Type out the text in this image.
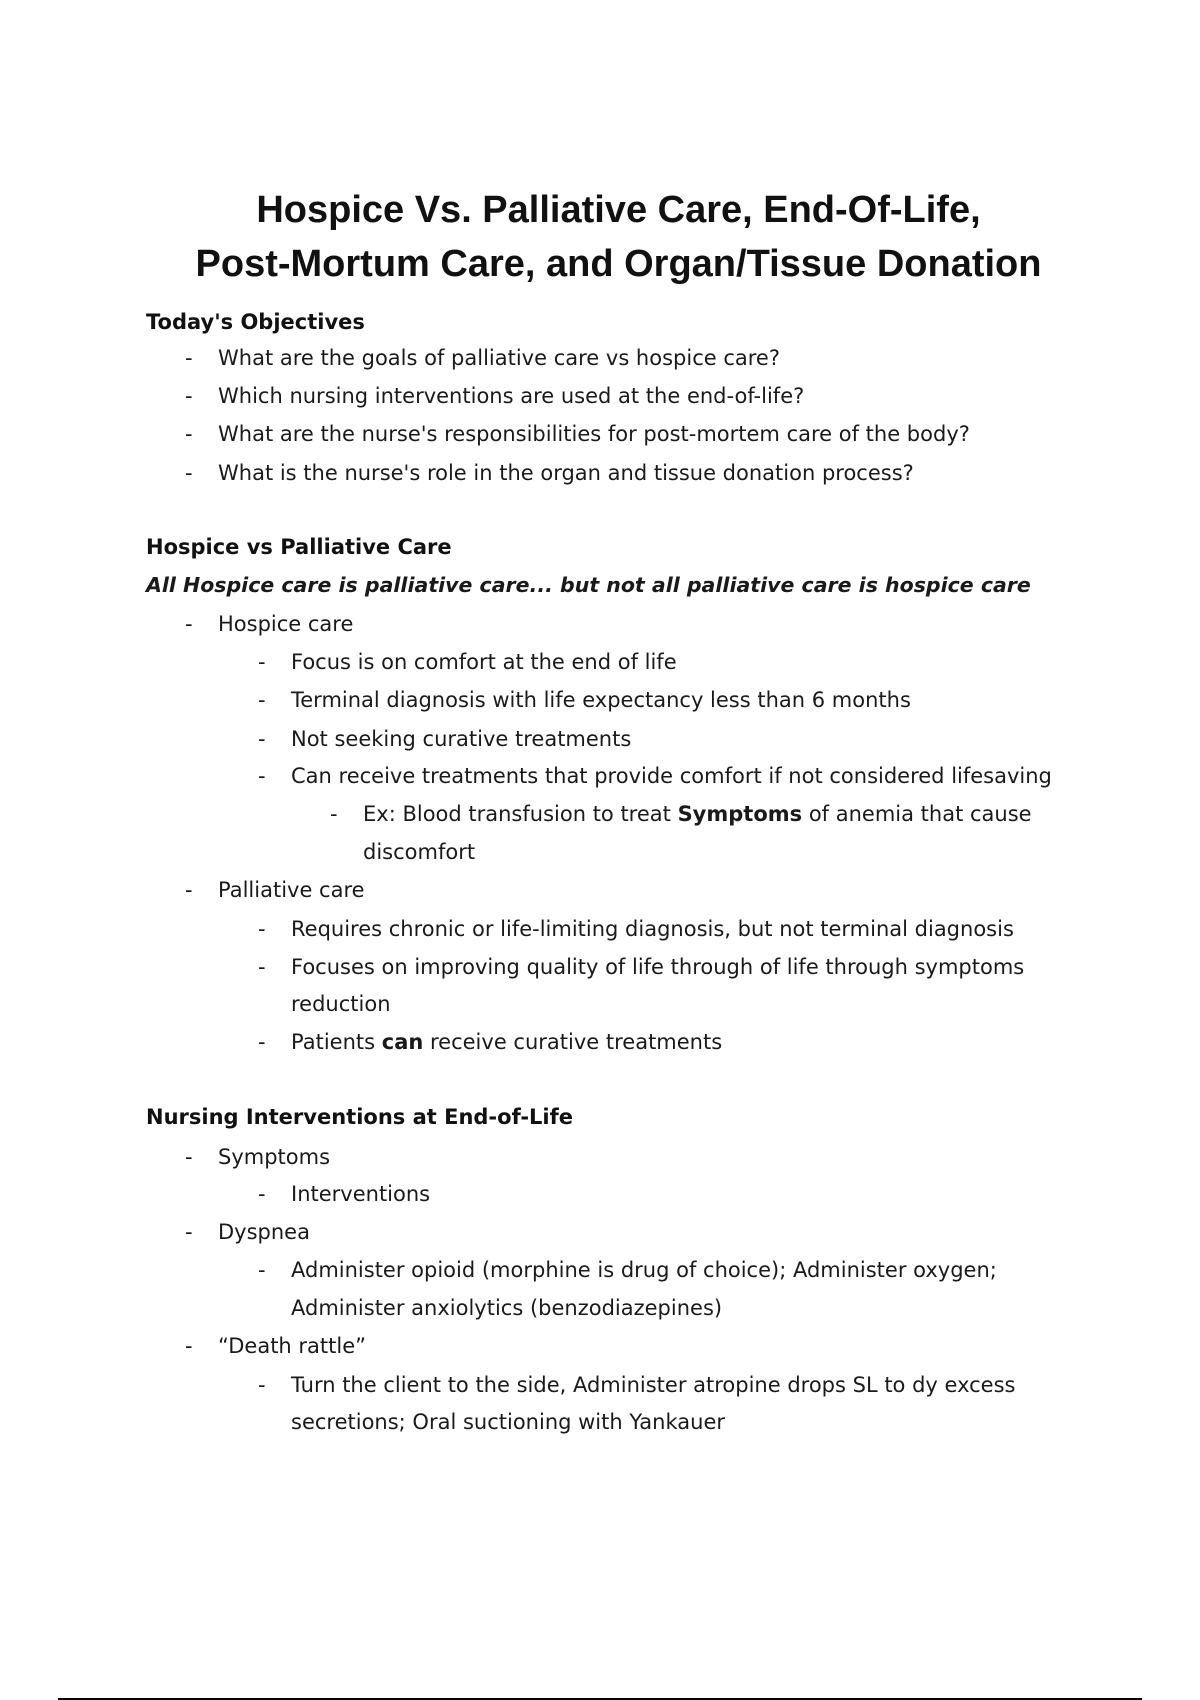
Hospice Vs. Palliative Care, End-Of-Life,
Post-Mortum Care, and Organ/Tissue Donation
Today's Objectives

- What are the goals of palliative care vs hospice care?

- Which nursing interventions are used at the end-of-life?

- What are the nurse's responsibilities for post-mortem care of the body?

- What is the nurse's role in the organ and tissue donation process?

Hospice vs Palliative Care

All Hospice care is palliative care... but not all palliative care is hospice care

- Hospice care

- Focus is on comfort at the end of life

- Terminal diagnosis with life expectancy less than 6 months

- Not seeking curative treatments

- Can receive treatments that provide comfort if not considered lifesaving

- Ex: Blood transfusion to treat Symptoms of anemia that cause

discomfort

- Palliative care

- Requires chronic or life-limiting diagnosis, but not terminal diagnosis

- Focuses on improving quality of life through of life through symptoms

reduction

- Patients can receive curative treatments

Nursing Interventions at End-of-Life

- Symptoms

- Interventions

- Dyspnea

- Administer opioid (morphine is drug of choice); Administer oxygen;

Administer anxiolytics (benzodiazepines)

- “Death rattle”

- Turn the client to the side, Administer atropine drops SL to dy excess

secretions; Oral suctioning with Yankauer
